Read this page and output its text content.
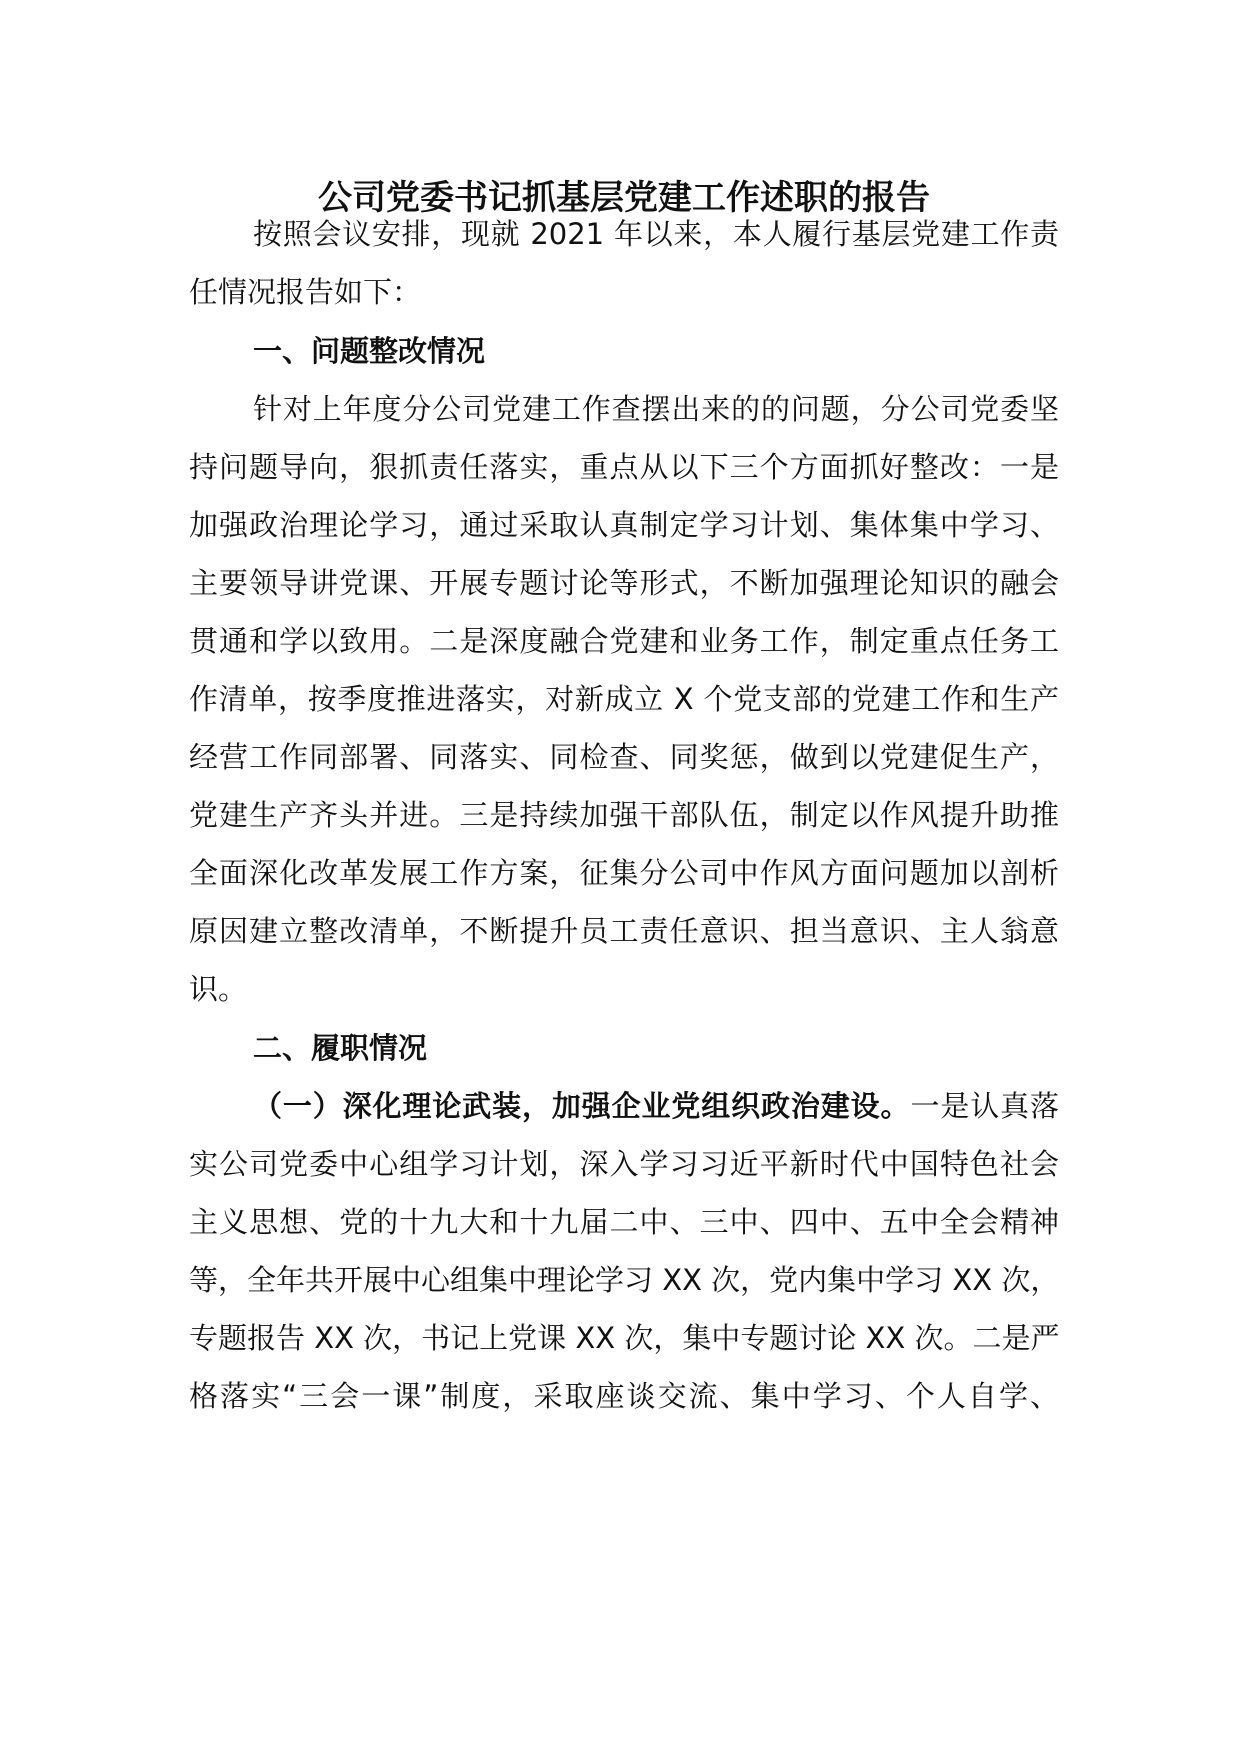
公司党委书记抓基层党建工作述职的报告
按照会议安排，现就 2021 年以来，本人履行基层党建工作责
任情况报告如下：
一、问题整改情况
针对上年度分公司党建工作查摆出来的的问题，分公司党委坚
持问题导向，狠抓责任落实，重点从以下三个方面抓好整改：一是
加强政治理论学习，通过采取认真制定学习计划、集体集中学习、
主要领导讲党课、开展专题讨论等形式，不断加强理论知识的融会
贯通和学以致用。二是深度融合党建和业务工作，制定重点任务工
作清单，按季度推进落实，对新成立 X 个党支部的党建工作和生产
经营工作同部署、同落实、同检查、同奖惩，做到以党建促生产，
党建生产齐头并进。三是持续加强干部队伍，制定以作风提升助推
全面深化改革发展工作方案，征集分公司中作风方面问题加以剖析
原因建立整改清单，不断提升员工责任意识、担当意识、主人翁意
识。
二、履职情况
（一）深化理论武装，加强企业党组织政治建设。一是认真落
实公司党委中心组学习计划，深入学习习近平新时代中国特色社会
主义思想、党的十九大和十九届二中、三中、四中、五中全会精神
等，全年共开展中心组集中理论学习 XX 次，党内集中学习 XX 次，
专题报告 XX 次，书记上党课 XX 次，集中专题讨论 XX 次。二是严
格落实“三会一课”制度，采取座谈交流、集中学习、个人自学、
